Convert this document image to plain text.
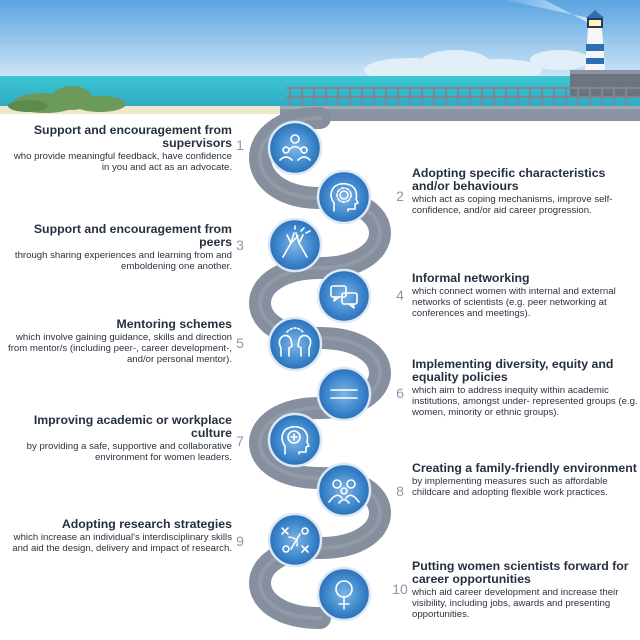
1
Support and encouragement from supervisors
who provide meaningful feedback, have confidence in you and act as an advocate.
2
Adopting specific characteristics and/or behaviours
which act as coping mechanisms, improve self-confidence, and/or aid career progression.
3
Support and encouragement from peers
through sharing experiences and learning from and emboldening one another.
4
Informal networking
which connect women with internal and external networks of scientists (e.g. peer networking at conferences and meetings).
5
Mentoring schemes
which involve gaining guidance, skills and direction from mentor/s (including peer-, career development-, and/or personal mentor).
6
Implementing diversity, equity and equality policies
which aim to address inequity within academic institutions, amongst under- represented groups (e.g. women, minority or ethnic groups).
7
Improving academic or workplace culture
by providing a safe, supportive and collaborative environment for women leaders.
8
Creating a family-friendly environment
by implementing measures such as affordable childcare and adopting flexible work practices.
9
Adopting research strategies
which increase an individual's interdisciplinary skills and aid the design, delivery and impact of research.
10
Putting women scientists forward for career opportunities
which aid career development and increase their visibility, including jobs, awards and presenting opportunities.
